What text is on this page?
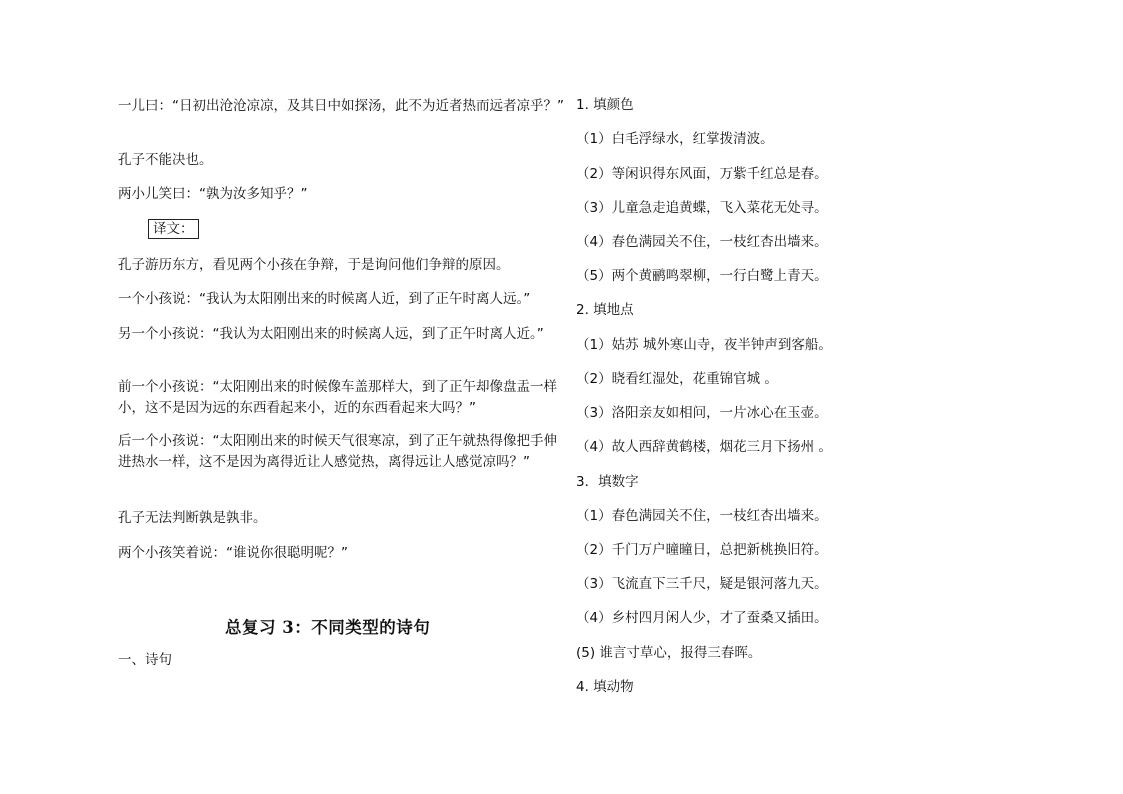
一儿曰：“日初出沧沧凉凉，及其日中如探汤，此不为近者热而远者凉乎？”
孔子不能决也。
两小儿笑曰：“孰为汝多知乎？”
译文：
孔子游历东方，看见两个小孩在争辩，于是询问他们争辩的原因。
一个小孩说：“我认为太阳刚出来的时候离人近，到了正午时离人远。”
另一个小孩说：“我认为太阳刚出来的时候离人远，到了正午时离人近。”
前一个小孩说：“太阳刚出来的时候像车盖那样大，到了正午却像盘盂一样小，这不是因为远的东西看起来小，近的东西看起来大吗？”
后一个小孩说：“太阳刚出来的时候天气很寒凉，到了正午就热得像把手伸进热水一样，这不是因为离得近让人感觉热，离得远让人感觉凉吗？”
孔子无法判断孰是孰非。
两个小孩笑着说：“谁说你很聪明呢？”
一、诗句
总复习 3：不同类型的诗句
1. 填颜色
（1）白毛浮绿水，红掌拨清波。
（2）等闲识得东风面，万紫千红总是春。
（3）儿童急走追黄蝶，飞入菜花无处寻。
（4）春色满园关不住，一枝红杏出墙来。
（5）两个黄鹂鸣翠柳，一行白鹭上青天。
2. 填地点
（1）姑苏 城外寒山寺，夜半钟声到客船。
（2）晓看红湿处，花重锦官城 。
（3）洛阳亲友如相问，一片冰心在玉壶。
（4）故人西辞黄鹤楼，烟花三月下扬州 。
3．填数字
（1）春色满园关不住，一枝红杏出墙来。
（2）千门万户曈曈日，总把新桃换旧符。
（3）飞流直下三千尺，疑是银河落九天。
（4）乡村四月闲人少，才了蚕桑又插田。
(5) 谁言寸草心，报得三春晖。
4. 填动物
